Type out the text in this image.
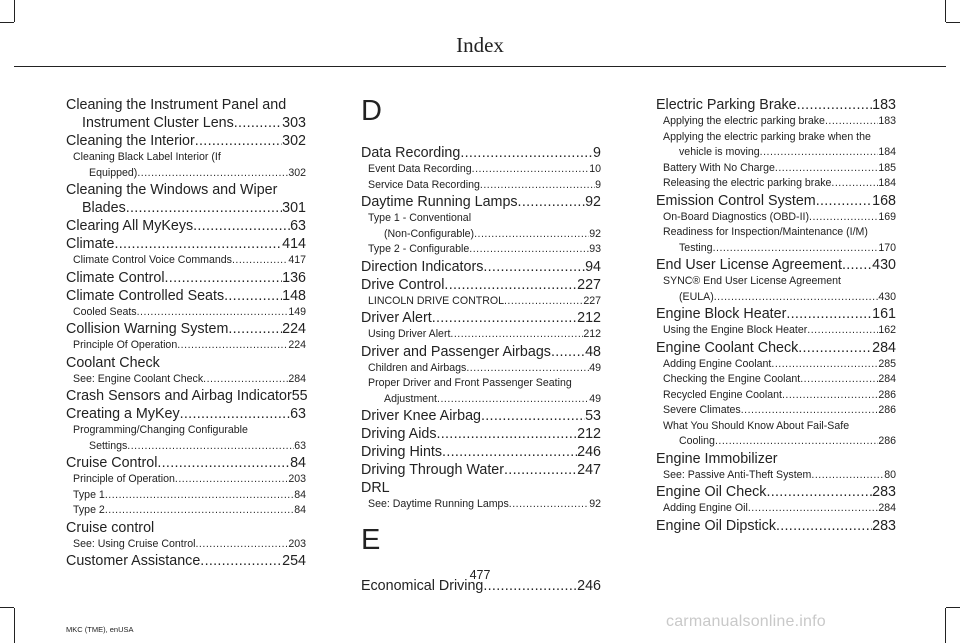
Index
Cleaning the Instrument Panel and
Instrument Cluster Lens .....	303
Cleaning the Interior .....	302
Cleaning Black Label Interior (If
Equipped) .....	302
Cleaning the Windows and Wiper
Blades .....	301
Clearing All MyKeys .....	63
Climate .....	414
Climate Control Voice Commands .....	417
Climate Control .....	136
Climate Controlled Seats .....	148
Cooled Seats .....	149
Collision Warning System .....	224
Principle Of Operation .....	224
Coolant Check
See: Engine Coolant Check .....	284
Crash Sensors and Airbag Indicator 55
Creating a MyKey .....	63
Programming/Changing Configurable
Settings .....	63
Cruise Control .....	84
Principle of Operation .....	203
Type 1 .....	84
Type 2 .....	84
Cruise control
See: Using Cruise Control .....	203
Customer Assistance .....	254
D
Data Recording .....	9
Event Data Recording .....	10
Service Data Recording .....	9
Daytime Running Lamps .....	92
Type 1 - Conventional
(Non-Configurable) .....	92
Type 2 - Configurable .....	93
Direction Indicators .....	94
Drive Control .....	227
LINCOLN DRIVE CONTROL .....	227
Driver Alert .....	212
Using Driver Alert .....	212
Driver and Passenger Airbags ..... 48
Children and Airbags .....	49
Proper Driver and Front Passenger Seating
Adjustment .....	49
Driver Knee Airbag .....	53
Driving Aids .....	212
Driving Hints .....	246
Driving Through Water .....	247
DRL
See: Daytime Running Lamps .....	92
E
Economical Driving .....	246
Electric Parking Brake .....	183
Applying the electric parking brake .....	183
Applying the electric parking brake when the
vehicle is moving .....	184
Battery With No Charge .....	185
Releasing the electric parking brake .....	184
Emission Control System .....	168
On-Board Diagnostics (OBD-II) .....	169
Readiness for Inspection/Maintenance (I/M)
Testing .....	170
End User License Agreement ..... 430
SYNC® End User License Agreement
(EULA) .....	430
Engine Block Heater .....	161
Using the Engine Block Heater .....	162
Engine Coolant Check .....	284
Adding Engine Coolant .....	285
Checking the Engine Coolant .....	284
Recycled Engine Coolant .....	286
Severe Climates .....	286
What You Should Know About Fail-Safe
Cooling .....	286
Engine Immobilizer
See: Passive Anti-Theft System .....	80
Engine Oil Check .....	283
Adding Engine Oil .....	284
Engine Oil Dipstick .....	283
477
MKC (TME), enUSA	carmanualsonline.info
